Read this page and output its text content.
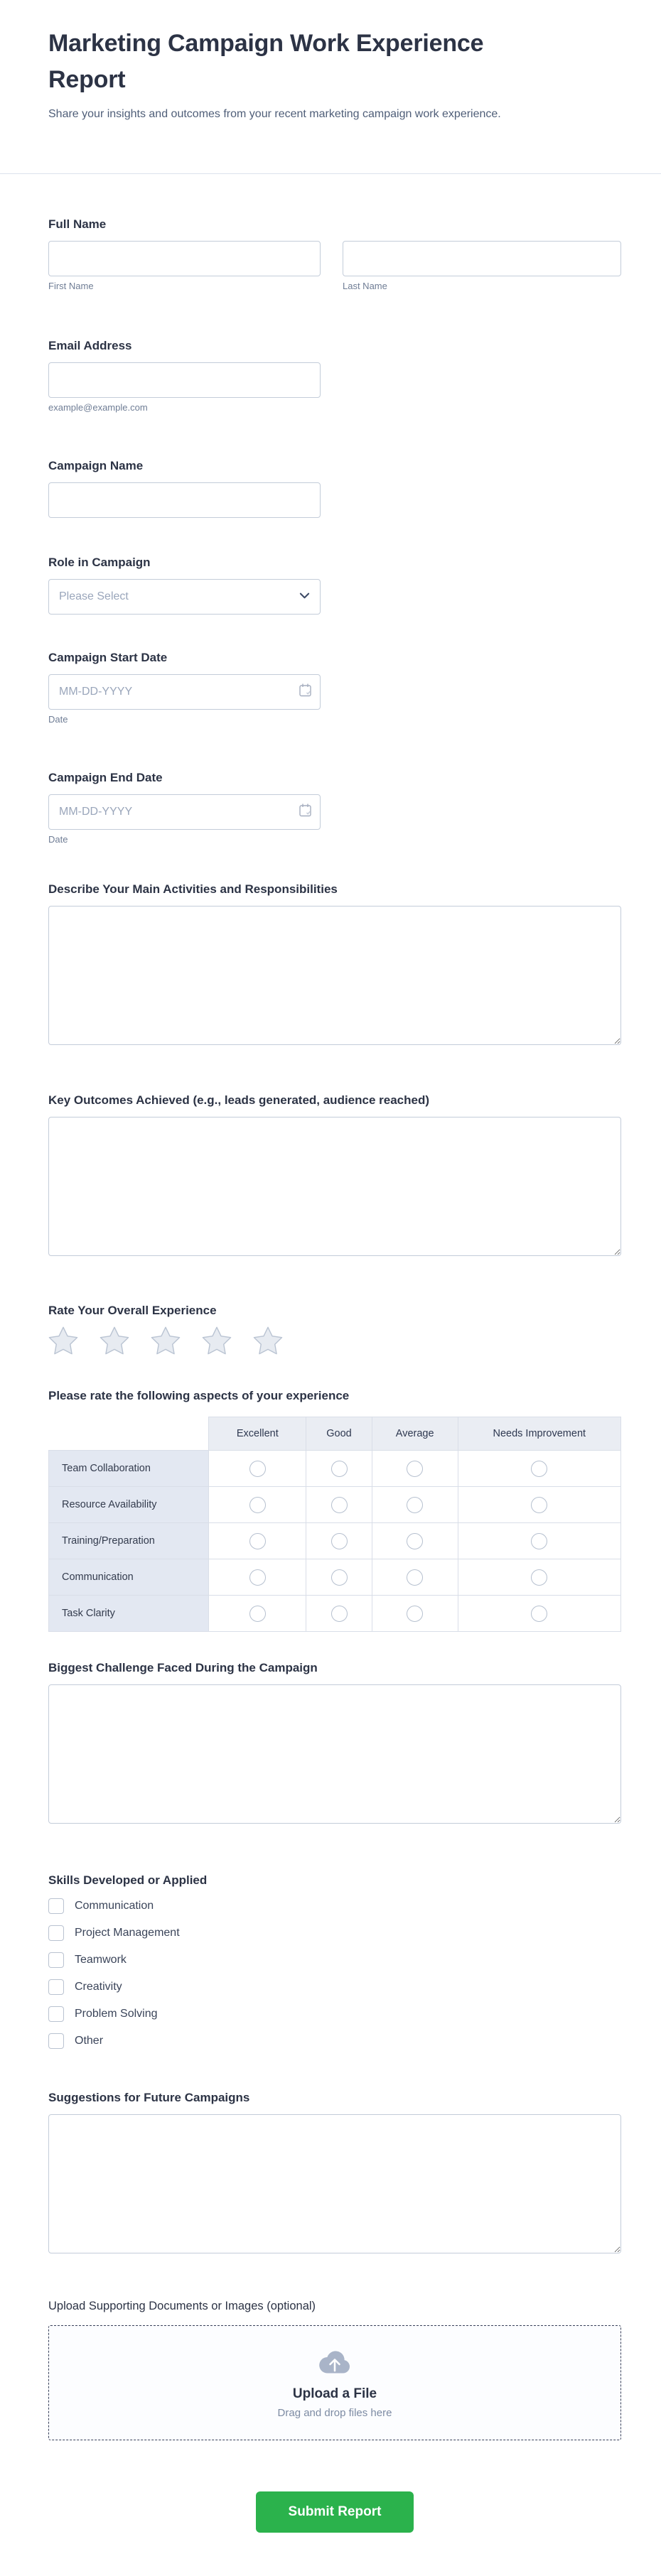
Marketing Campaign Work Experience Report

Share your insights and outcomes from your recent marketing campaign work experience.

Full Name
First Name	Last Name
Email Address
example@example.com
Campaign Name
Role in Campaign
Please Select
Campaign Start Date
MM-DD-YYYY
Date
Campaign End Date
MM-DD-YYYY
Date
Describe Your Main Activities and Responsibilities
Key Outcomes Achieved (e.g., leads generated, audience reached)
Rate Your Overall Experience
Please rate the following aspects of your experience
	Excellent	Good	Average	Needs Improvement
Team Collaboration				
Resource Availability				
Training/Preparation				
Communication				
Task Clarity				
Biggest Challenge Faced During the Campaign
Skills Developed or Applied
Communication
Project Management
Teamwork
Creativity
Problem Solving
Other
Suggestions for Future Campaigns
Upload Supporting Documents or Images (optional)
Upload a File
Drag and drop files here
Submit Report
